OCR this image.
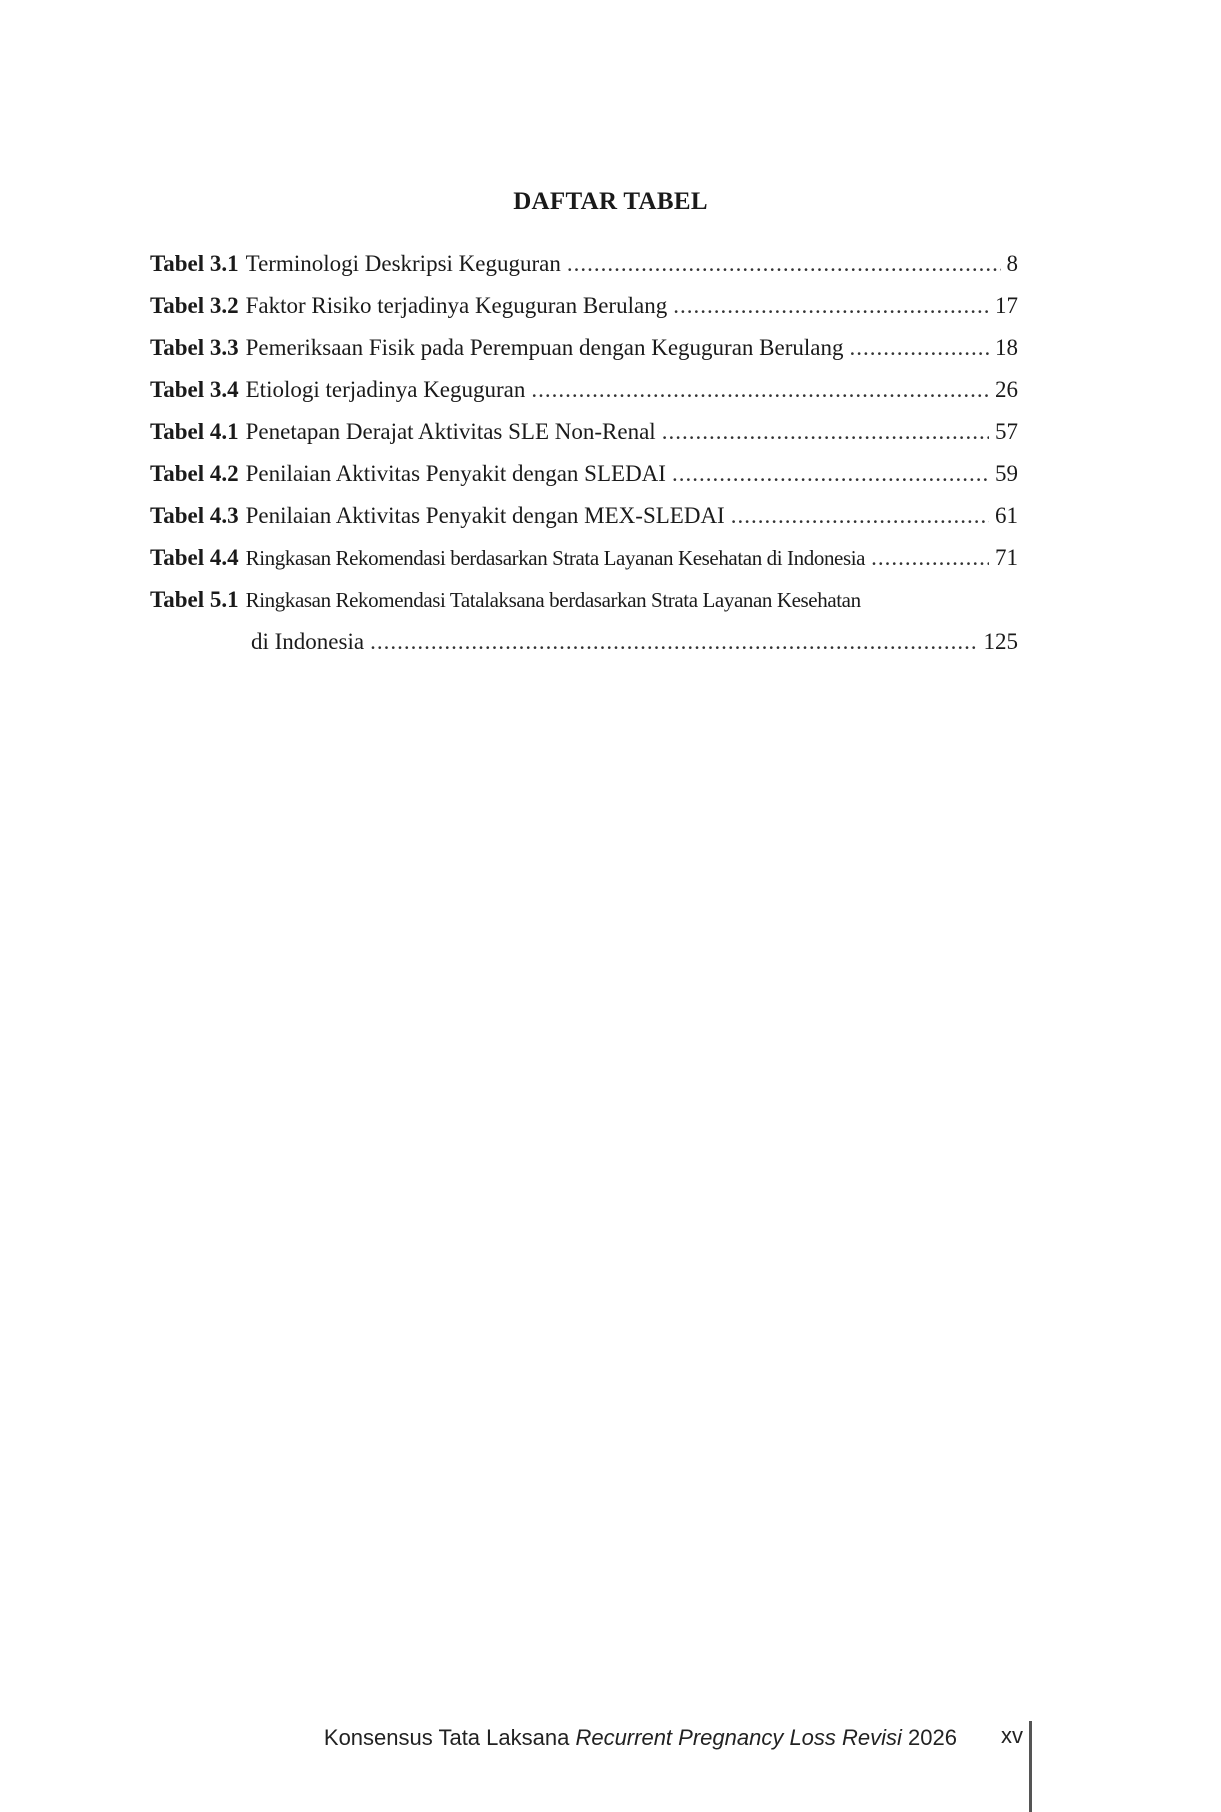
DAFTAR TABEL
Tabel 3.1 Terminologi Deskripsi Keguguran .....	8
Tabel 3.2 Faktor Risiko terjadinya Keguguran Berulang .....	17
Tabel 3.3 Pemeriksaan Fisik pada Perempuan dengan Keguguran Berulang .....	18
Tabel 3.4 Etiologi terjadinya Keguguran .....	26
Tabel 4.1 Penetapan Derajat Aktivitas SLE Non-Renal .....	57
Tabel 4.2 Penilaian Aktivitas Penyakit dengan SLEDAI .....	59
Tabel 4.3 Penilaian Aktivitas Penyakit dengan MEX-SLEDAI .....	61
Tabel 4.4 Ringkasan Rekomendasi berdasarkan Strata Layanan Kesehatan di Indonesia .....	71
Tabel 5.1 Ringkasan Rekomendasi Tatalaksana berdasarkan Strata Layanan Kesehatan
di Indonesia .....	125
Konsensus Tata Laksana Recurrent Pregnancy Loss Revisi 2026 xv
